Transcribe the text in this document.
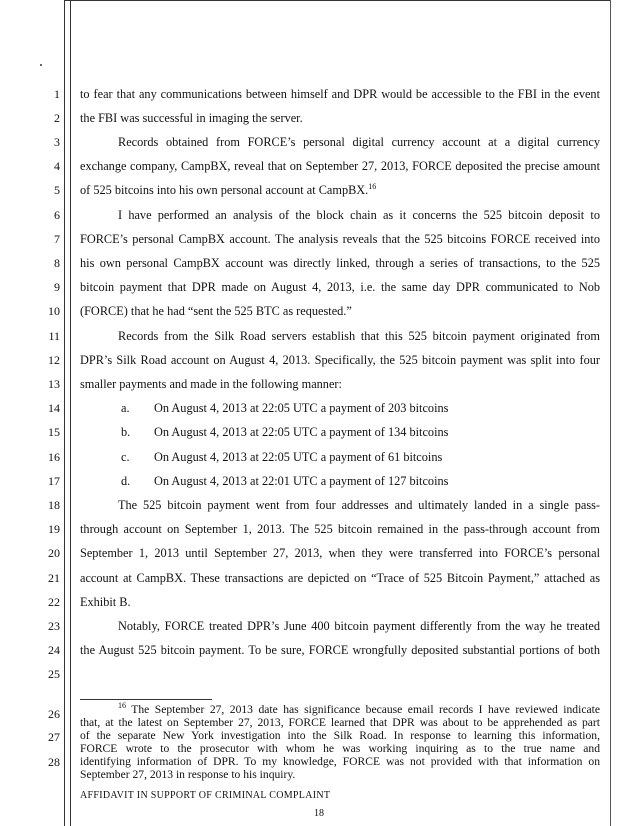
1
2
3
4
5
6
7
8
9
10
11
12
13
14
15
16
17
18
19
20
21
22
23
24
25
26
27
28
to fear that any communications between himself and DPR would be accessible to the FBI in the event
the FBI was successful in imaging the server.
Records obtained from FORCE’s personal digital currency account at a digital currency
exchange company, CampBX, reveal that on September 27, 2013, FORCE deposited the precise amount
of 525 bitcoins into his own personal account at CampBX.$^{16}$
I have performed an analysis of the block chain as it concerns the 525 bitcoin deposit to
FORCE’s personal CampBX account. The analysis reveals that the 525 bitcoins FORCE received into
his own personal CampBX account was directly linked, through a series of transactions, to the 525
bitcoin payment that DPR made on August 4, 2013, i.e. the same day DPR communicated to Nob
(FORCE) that he had “sent the 525 BTC as requested.”
Records from the Silk Road servers establish that this 525 bitcoin payment originated from
DPR’s Silk Road account on August 4, 2013. Specifically, the 525 bitcoin payment was split into four
smaller payments and made in the following manner:
a. On August 4, 2013 at 22:05 UTC a payment of 203 bitcoins
b. On August 4, 2013 at 22:05 UTC a payment of 134 bitcoins
c. On August 4, 2013 at 22:05 UTC a payment of 61 bitcoins
d. On August 4, 2013 at 22:01 UTC a payment of 127 bitcoins
The 525 bitcoin payment went from four addresses and ultimately landed in a single pass-
through account on September 1, 2013. The 525 bitcoin remained in the pass-through account from
September 1, 2013 until September 27, 2013, when they were transferred into FORCE’s personal
account at CampBX. These transactions are depicted on “Trace of 525 Bitcoin Payment,” attached as
Exhibit B.
Notably, FORCE treated DPR’s June 400 bitcoin payment differently from the way he treated
the August 525 bitcoin payment. To be sure, FORCE wrongfully deposited substantial portions of both
$^{16}$ The September 27, 2013 date has significance because email records I have reviewed indicate
that, at the latest on September 27, 2013, FORCE learned that DPR was about to be apprehended as part
of the separate New York investigation into the Silk Road. In response to learning this information,
FORCE wrote to the prosecutor with whom he was working inquiring as to the true name and
identifying information of DPR. To my knowledge, FORCE was not provided with that information on
September 27, 2013 in response to his inquiry.
AFFIDAVIT IN SUPPORT OF CRIMINAL COMPLAINT
18
